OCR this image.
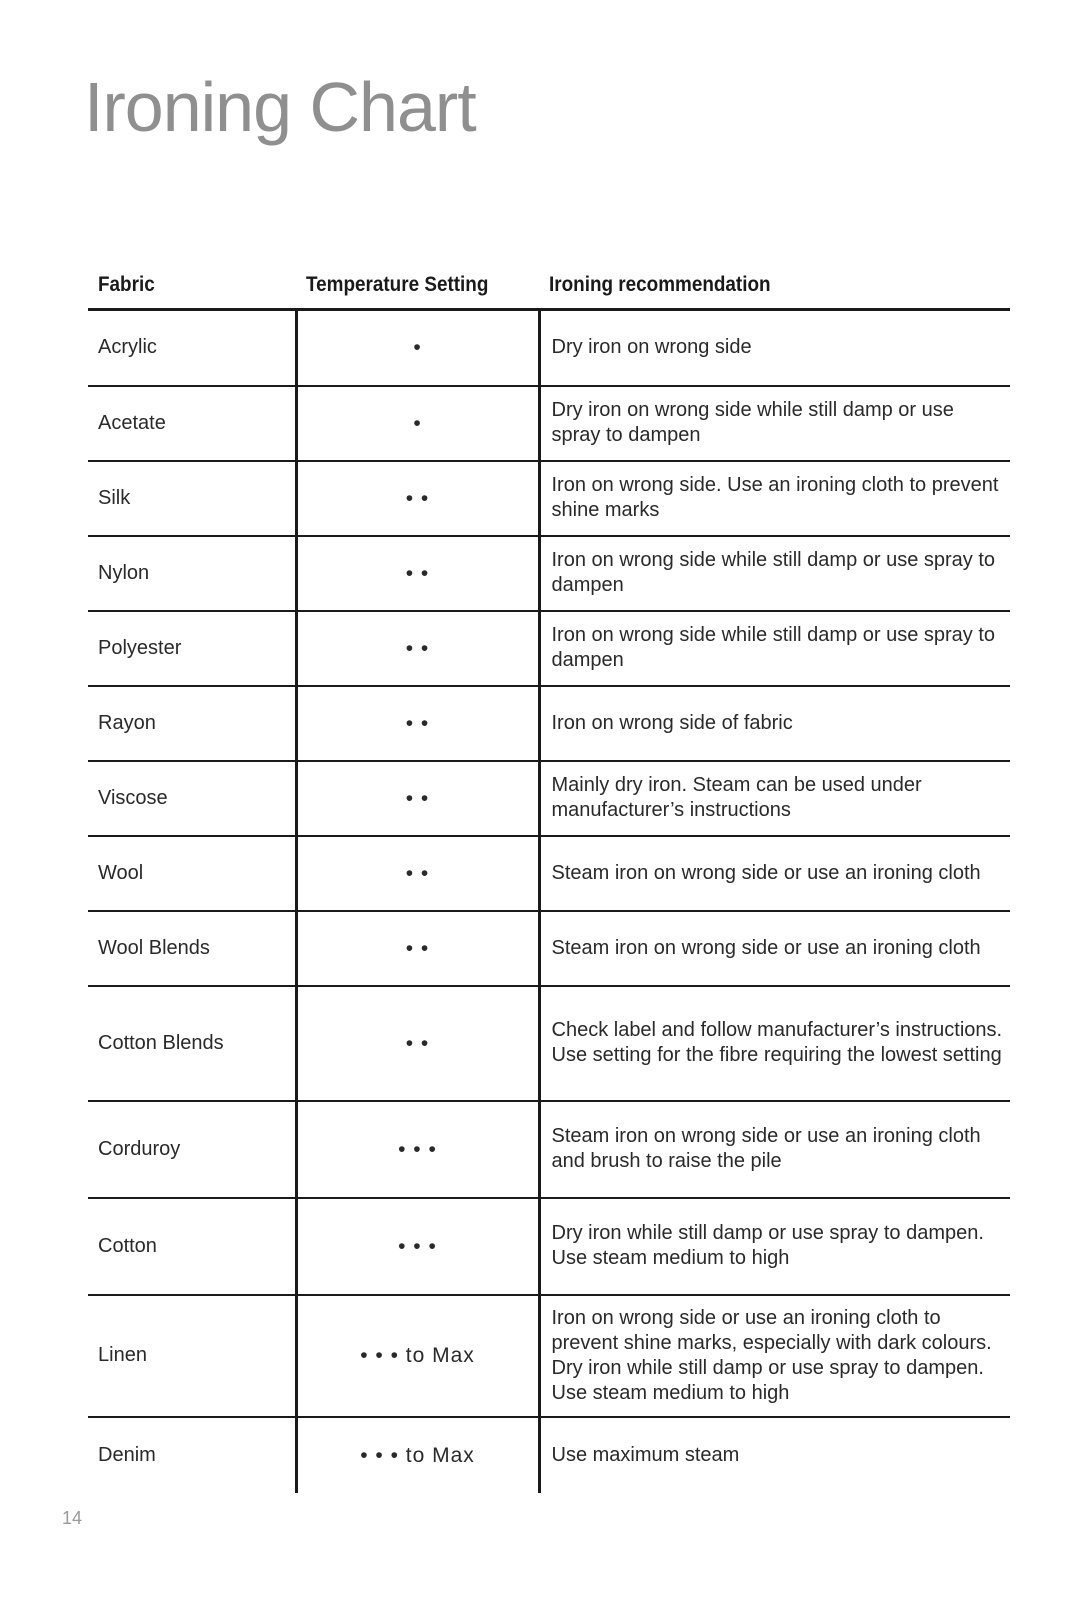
Ironing Chart
Fabric	Temperature Setting	Ironing recommendation
Acrylic	•	Dry iron on wrong side
Acetate	•	Dry iron on wrong side while still damp or use spray to dampen
Silk	• •	Iron on wrong side. Use an ironing cloth to prevent shine marks
Nylon	• •	Iron on wrong side while still damp or use spray to dampen
Polyester	• •	Iron on wrong side while still damp or use spray to dampen
Rayon	• •	Iron on wrong side of fabric
Viscose	• •	Mainly dry iron. Steam can be used under manufacturer’s instructions
Wool	• •	Steam iron on wrong side or use an ironing cloth
Wool Blends	• •	Steam iron on wrong side or use an ironing cloth
Cotton Blends	• •	Check label and follow manufacturer’s instructions. Use setting for the fibre requiring the lowest setting
Corduroy	• • •	Steam iron on wrong side or use an ironing cloth and brush to raise the pile
Cotton	• • •	Dry iron while still damp or use spray to dampen. Use steam medium to high
Linen	• • • to Max	Iron on wrong side or use an ironing cloth to prevent shine marks, especially with dark colours. Dry iron while still damp or use spray to dampen. Use steam medium to high
Denim	• • • to Max	Use maximum steam
14
